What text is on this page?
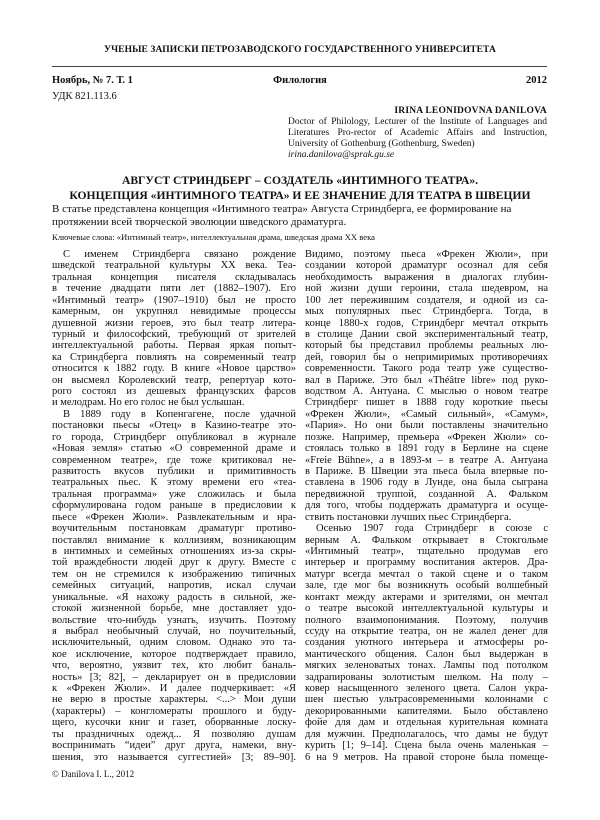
УЧЕНЫЕ ЗАПИСКИ ПЕТРОЗАВОДСКОГО ГОСУДАРСТВЕННОГО УНИВЕРСИТЕТА
Ноябрь, № 7. Т. 1	Филология	2012
УДК 821.113.6
IRINA LEONIDOVNA DANILOVA
Doctor of Philology, Lecturer of the Institute of Languages and
Literatures Pro-rector of Academic Affairs and Instruction,
University of Gothenburg (Gothenburg, Sweden)
irina.danilova@sprak.gu.se
АВГУСТ СТРИНДБЕРГ – СОЗДАТЕЛЬ «ИНТИМНОГО ТЕАТРА».
КОНЦЕПЦИЯ «ИНТИМНОГО ТЕАТРА» И ЕЕ ЗНАЧЕНИЕ ДЛЯ ТЕАТРА В ШВЕЦИИ
В статье представлена концепция «Интимного театра» Августа Стриндберга, ее формирование на протяжении всей творческой эволюции шведского драматурга.
Ключевые слова: «Интимный театр», интеллектуальная драма, шведская драма XX века
С именем Стриндберга связано рождение
шведской театральной культуры XX века. Теа-
тральная концепция писателя складывалась
в течение двадцати пяти лет (1882–1907). Его
«Интимный театр» (1907–1910) был не просто
камерным, он укрупнял невидимые процессы
душевной жизни героев, это был театр литера-
турный и философский, требующий от зрителей
интеллектуальной работы. Первая яркая попыт-
ка Стриндберга повлиять на современный театр
относится к 1882 году. В книге «Новое царство»
он высмеял Королевский театр, репертуар кото-
рого состоял из дешевых французских фарсов
и мелодрам. Но его голос не был услышан.
В 1889 году в Копенгагене, после удачной
постановки пьесы «Отец» в Казино-театре это-
го города, Стриндберг опубликовал в журнале
«Новая земля» статью «О современной драме и
современном театре», где тоже критиковал не-
развитость вкусов публики и примитивность
театральных пьес. К этому времени его «теа-
тральная программа» уже сложилась и была
сформулирована годом раньше в предисловии к
пьесе «Фрекен Жюли». Развлекательным и нра-
воучительным постановкам драматург противо-
поставлял внимание к коллизиям, возникающим
в интимных и семейных отношениях из-за скры-
той враждебности людей друг к другу. Вместе с
тем он не стремился к изображению типичных
семейных ситуаций, напротив, искал случаи
уникальные. «Я нахожу радость в сильной, же-
стокой жизненной борьбе, мне доставляет удо-
вольствие что-нибудь узнать, изучить. Поэтому
я выбрал необычный случай, но поучительный,
исключительный, одним словом. Однако это та-
кое исключение, которое подтверждает правило,
что, вероятно, уязвит тех, кто любит баналь-
ность» [3; 82], – декларирует он в предисловии
к «Фрекен Жюли». И далее подчеркивает: «Я
не верю в простые характеры. <...> Мои души
(характеры) – конгломераты прошлого и буду-
щего, кусочки книг и газет, оборванные лоску-
ты праздничных одежд... Я позволяю душам
воспринимать “идеи” друг друга, намеки, вну-
шения, это называется суггестией» [3; 89–90].
Видимо, поэтому пьеса «Фрекен Жюли», при
создании которой драматург осознал для себя
необходимость выражения в диалогах глубин-
ной жизни души героини, стала шедевром, на
100 лет пережившим создателя, и одной из са-
мых популярных пьес Стриндберга. Тогда, в
конце 1880-х годов, Стриндберг мечтал открыть
в столице Дании свой экспериментальный театр,
который бы представил проблемы реальных лю-
дей, говорил бы о непримиримых противоречиях
современности. Такого рода театр уже существо-
вал в Париже. Это был «Théâtre libre» под руко-
водством А. Антуана. С мыслью о новом театре
Стриндберг пишет в 1888 году короткие пьесы
«Фрекен Жюли», «Самый сильный», «Самум»,
«Пария». Но они были поставлены значительно
позже. Например, премьера «Фрекен Жюли» со-
стоялась только в 1891 году в Берлине на сцене
«Freie Bühne», а в 1893-м – в театре А. Антуана
в Париже. В Швеции эта пьеса была впервые по-
ставлена в 1906 году в Лунде, она была сыграна
передвижной труппой, созданной А. Фальком
для того, чтобы поддержать драматурга и осуще-
ствить постановки лучших пьес Стриндберга.
Осенью 1907 года Стриндберг в союзе с
верным А. Фальком открывает в Стокгольме
«Интимный театр», тщательно продумав его
интерьер и программу воспитания актеров. Дра-
матург всегда мечтал о такой сцене и о таком
зале, где мог бы возникнуть особый волшебный
контакт между актерами и зрителями, он мечтал
о театре высокой интеллектуальной культуры и
полного взаимопонимания. Поэтому, получив
ссуду на открытие театра, он не жалел денег для
создания уютного интерьера и атмосферы ро-
мантического общения. Салон был выдержан в
мягких зеленоватых тонах. Лампы под потолком
задрапированы золотистым шелком. На полу –
ковер насыщенного зеленого цвета. Салон укра-
шен шестью ультрасовременными колоннами с
декорированными капителями. Было обставлено
фойе для дам и отдельная курительная комната
для мужчин. Предполагалось, что дамы не будут
курить [1; 9–14]. Сцена была очень маленькая –
6 на 9 метров. На правой стороне была помеще-
© Danilova I. L., 2012
